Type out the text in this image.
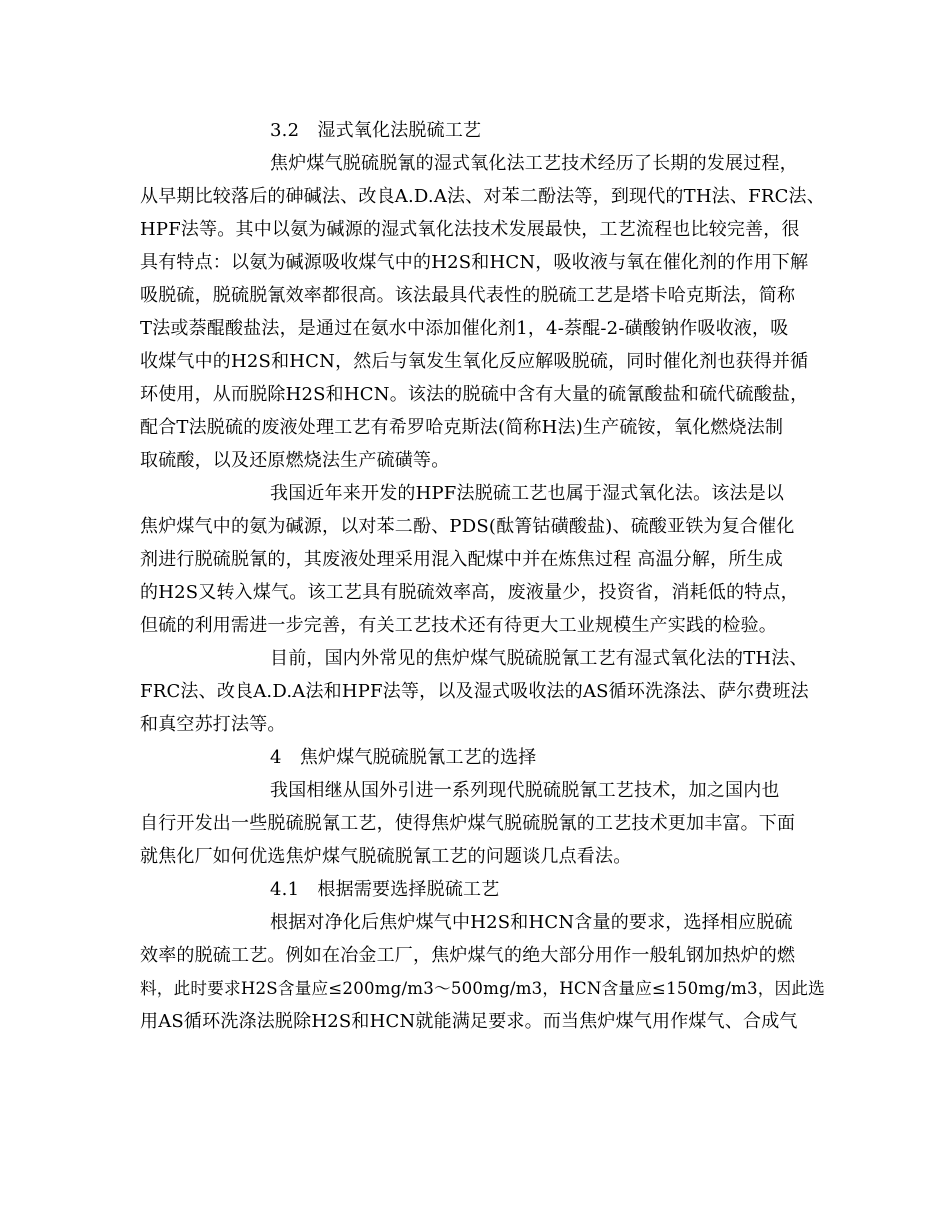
3.2　湿式氧化法脱硫工艺
焦炉煤气脱硫脱氰的湿式氧化法工艺技术经历了长期的发展过程，
从早期比较落后的砷碱法、改良A.D.A法、对苯二酚法等，到现代的TH法、FRC法、
HPF法等。其中以氨为碱源的湿式氧化法技术发展最快，工艺流程也比较完善，很
具有特点：以氨为碱源吸收煤气中的H2S和HCN，吸收液与氧在催化剂的作用下解
吸脱硫，脱硫脱氰效率都很高。该法最具代表性的脱硫工艺是塔卡哈克斯法，简称
T法或萘醌酸盐法，是通过在氨水中添加催化剂1，4-萘醌-2-磺酸钠作吸收液，吸
收煤气中的H2S和HCN，然后与氧发生氧化反应解吸脱硫，同时催化剂也获得并循
环使用，从而脱除H2S和HCN。该法的脱硫中含有大量的硫氰酸盐和硫代硫酸盐，
配合T法脱硫的废液处理工艺有希罗哈克斯法(简称H法)生产硫铵，氧化燃烧法制
取硫酸，以及还原燃烧法生产硫磺等。
我国近年来开发的HPF法脱硫工艺也属于湿式氧化法。该法是以
焦炉煤气中的氨为碱源，以对苯二酚、PDS(酞箐钴磺酸盐)、硫酸亚铁为复合催化
剂进行脱硫脱氰的，其废液处理采用混入配煤中并在炼焦过程 高温分解，所生成
的H2S又转入煤气。该工艺具有脱硫效率高，废液量少，投资省，消耗低的特点，
但硫的利用需进一步完善，有关工艺技术还有待更大工业规模生产实践的检验。
目前，国内外常见的焦炉煤气脱硫脱氰工艺有湿式氧化法的TH法、
FRC法、改良A.D.A法和HPF法等，以及湿式吸收法的AS循环洗涤法、萨尔费班法
和真空苏打法等。
4　焦炉煤气脱硫脱氰工艺的选择
我国相继从国外引进一系列现代脱硫脱氰工艺技术，加之国内也
自行开发出一些脱硫脱氰工艺，使得焦炉煤气脱硫脱氰的工艺技术更加丰富。下面
就焦化厂如何优选焦炉煤气脱硫脱氰工艺的问题谈几点看法。
4.1　根据需要选择脱硫工艺
根据对净化后焦炉煤气中H2S和HCN含量的要求，选择相应脱硫
效率的脱硫工艺。例如在冶金工厂，焦炉煤气的绝大部分用作一般轧钢加热炉的燃
料，此时要求H2S含量应≤200mg/m3～500mg/m3，HCN含量应≤150mg/m3，因此选
用AS循环洗涤法脱除H2S和HCN就能满足要求。而当焦炉煤气用作煤气、合成气
